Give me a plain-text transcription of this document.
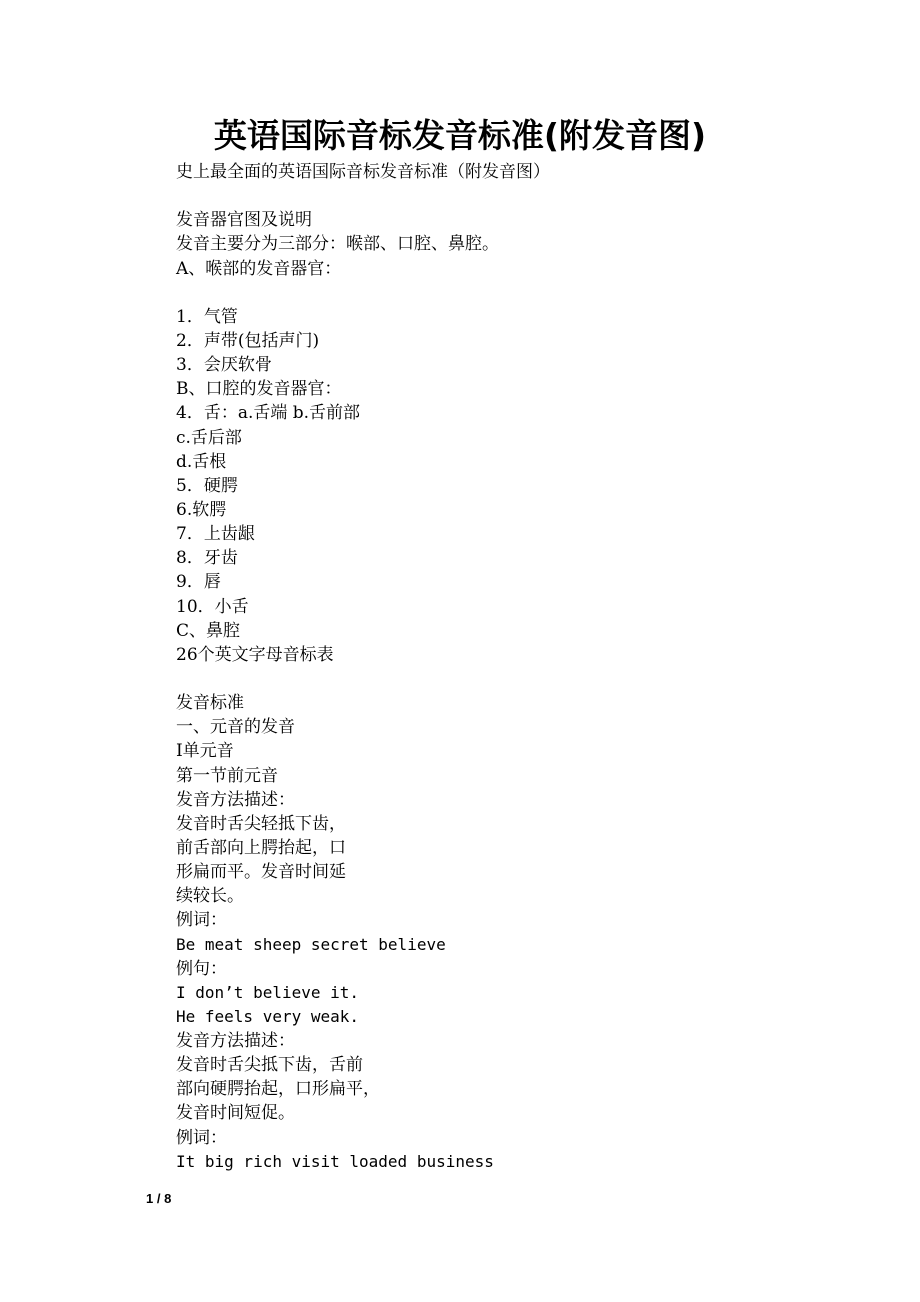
英语国际音标发音标准(附发音图)
史上最全面的英语国际音标发音标准（附发音图）
发音器官图及说明
发音主要分为三部分：喉部、口腔、鼻腔。
A、喉部的发音器官：
1．气管
2．声带(包括声门)
3．会厌软骨
B、口腔的发音器官：
4．舌：a.舌端 b.舌前部
c.舌后部
d.舌根
5．硬腭
6.软腭
7．上齿龈
8．牙齿
9．唇
10．小舌
C、鼻腔
26个英文字母音标表
发音标准
一、元音的发音
Ⅰ单元音
第一节前元音
发音方法描述：
发音时舌尖轻抵下齿，
前舌部向上腭抬起，口
形扁而平。发音时间延
续较长。
例词：
Be meat sheep secret believe
例句：
I don’t believe it.
He feels very weak.
发音方法描述：
发音时舌尖抵下齿，舌前
部向硬腭抬起，口形扁平，
发音时间短促。
例词：
It big rich visit loaded business
1 / 8
